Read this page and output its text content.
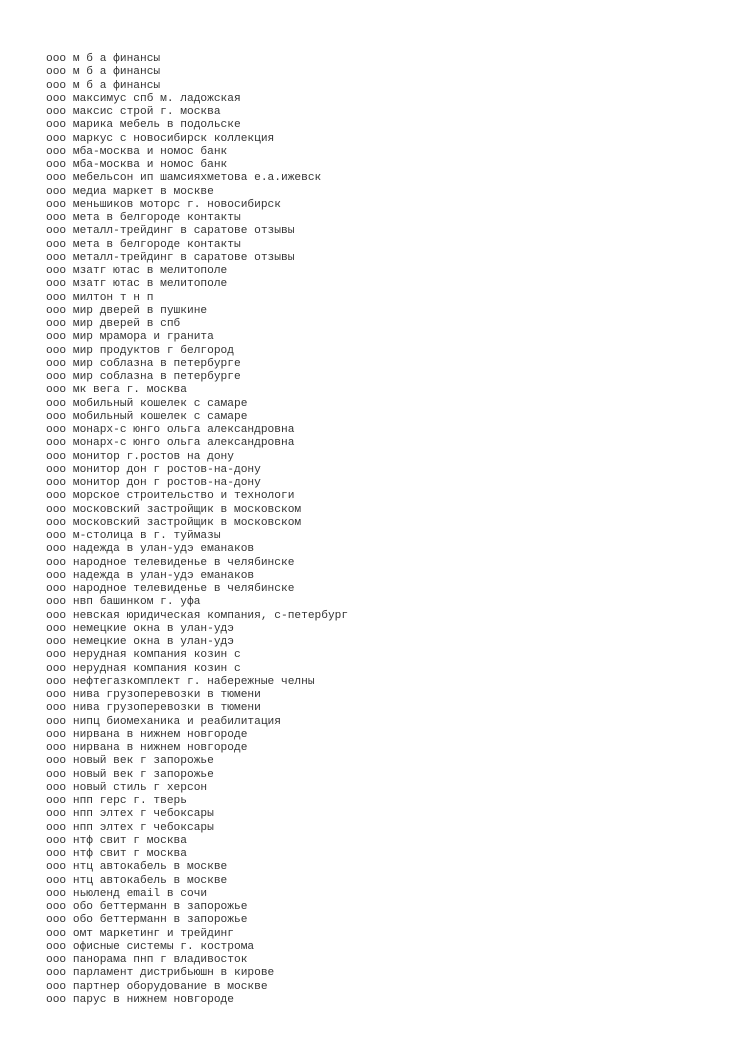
ооо м б а финансы
ооо м б а финансы
ооо м б а финансы
ооо максимус спб м. ладожская
ооо максис строй г. москва
ооо марика мебель в подольске
ооо маркус с новосибирск коллекция
ооо мба-москва и номос банк
ооо мба-москва и номос банк
ооо мебельсон ип шамсияхметова е.а.ижевск
ооо медиа маркет в москве
ооо меньшиков моторс г. новосибирск
ооо мета в белгороде контакты
ооо металл-трейдинг в саратове отзывы
ооо мета в белгороде контакты
ооо металл-трейдинг в саратове отзывы
ооо мзатг ютас в мелитополе
ооо мзатг ютас в мелитополе
ооо милтон т н п
ооо мир дверей в пушкине
ооо мир дверей в спб
ооо мир мрамора и гранита
ооо мир продуктов г белгород
ооо мир соблазна в петербурге
ооо мир соблазна в петербурге
ооо мк вега г. москва
ооо мобильный кошелек с самаре
ооо мобильный кошелек с самаре
ооо монарх-с юнго ольга александровна
ооо монарх-с юнго ольга александровна
ооо монитор г.ростов на дону
ооо монитор дон г ростов-на-дону
ооо монитор дон г ростов-на-дону
ооо морское строительство и технологи
ооо московский застройщик в московском
ооо московский застройщик в московском
ооо м-столица в г. туймазы
ооо надежда в улан-удэ еманаков
ооо народное телевиденье в челябинске
ооо надежда в улан-удэ еманаков
ооо народное телевиденье в челябинске
ооо нвп башинком г. уфа
ооо невская юридическая компания, с-петербург
ооо немецкие окна в улан-удэ
ооо немецкие окна в улан-удэ
ооо нерудная компания козин с
ооо нерудная компания козин с
ооо нефтегазкомплект г. набережные челны
ооо нива грузоперевозки в тюмени
ооо нива грузоперевозки в тюмени
ооо нипц биомеханика и реабилитация
ооо нирвана в нижнем новгороде
ооо нирвана в нижнем новгороде
ооо новый век г запорожье
ооо новый век г запорожье
ооо новый стиль г херсон
ооо нпп герс г. тверь
ооо нпп элтех г чебоксары
ооо нпп элтех г чебоксары
ооо нтф свит г москва
ооо нтф свит г москва
ооо нтц автокабель в москве
ооо нтц автокабель в москве
ооо ньюленд email в сочи
ооо обо беттерманн в запорожье
ооо обо беттерманн в запорожье
ооо омт маркетинг и трейдинг
ооо офисные системы г. кострома
ооо панорама пнп г владивосток
ооо парламент дистрибьюшн в кирове
ооо партнер оборудование в москве
ооо парус в нижнем новгороде
